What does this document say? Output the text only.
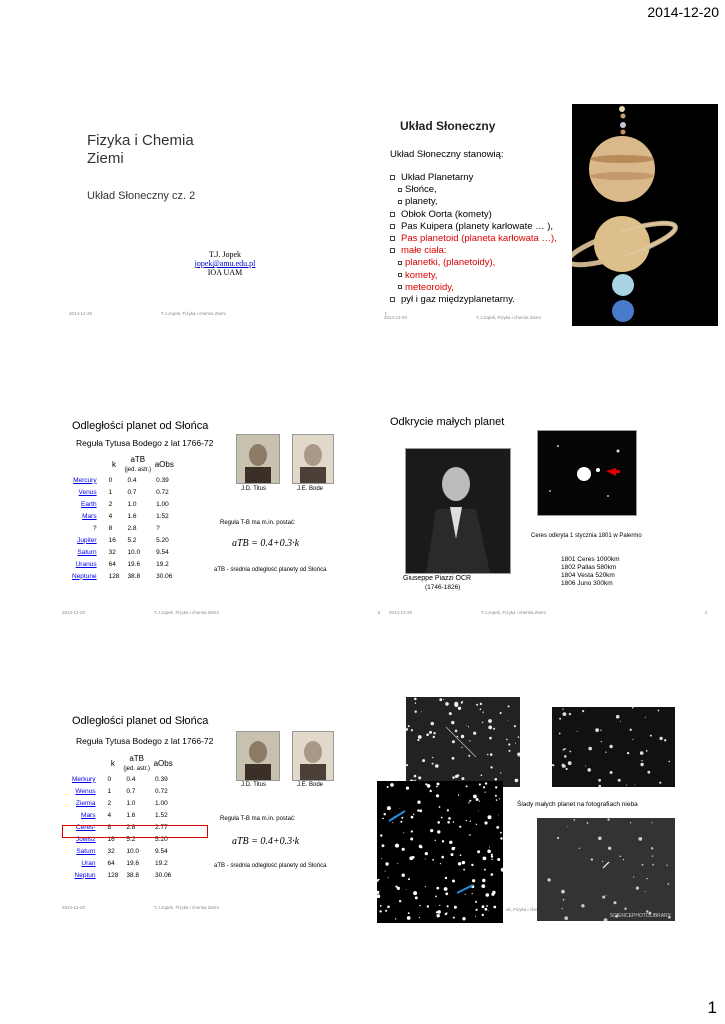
2014-12-20
Fizyka i Chemia
Ziemi
Układ Słoneczny cz. 2
T.J. Jopek
jopek@amu.edu.pl
IOA UAM
2014-12-20	T.J.Jopek, Fizyka i chemia Ziemi	1
Układ Słoneczny
Układ Słoneczny stanowią:
Układ Planetarny
Słońce,
planety,
Obłok Oorta (komety)
Pas Kuipera (planety karłowate … ),
Pas planetoid (planeta karłowata …),
małe ciała:
planetki, (planetoidy),
komety,
meteoroidy,
pył i gaz międzyplanetarny.
2014-12-20	T.J.Jopek, Fizyka i chemia Ziemi
Odległości planet od Słońca
Reguła Tytusa Bodego z lat 1766-72
	k	aTB
(jed. astr.)	aObs
Mercury	0	0.4	0.39
Venus	1	0.7	0.72
Earth	2	1.0	1.00
Mars	4	1.6	1.52
?	8	2.8	?
Jupiter	16	5.2	5.20
Saturn	32	10.0	9.54
Uranus	64	19.6	19.2
Neptune	128	38.8	30.06
J.D. Titus	J.E. Bode
Reguła T-B ma m.in. postać:
aTB = 0.4+0.3·k
aTB - średnia odległość planety od Słońca
2014-12-20	T.J.Jopek, Fizyka i chemia Ziemi	3
Odkrycie małych planet
Giuseppe Piazzi OCR
(1746-1826)
Ceres odkryta 1 stycznia 1801 w Palermo
1801 Ceres 1000km
1802 Pallas 580km
1804 Vesta 520km
1806 Juno 300km
2014-12-20	T.J.Jopek, Fizyka i chemia Ziemi	4
Odległości planet od Słońca
Reguła Tytusa Bodego z lat 1766-72
	k	aTB
(jed. astr.)	aObs
Merkury	0	0.4	0.39
Wenus	1	0.7	0.72
Ziemia	2	1.0	1.00
Mars	4	1.6	1.52
Ceres¹	8	2.8	2.77
Jowisz	16	5.2	5.20
Saturn	32	10.0	9.54
Uran	64	19.6	19.2
Neptun	128	38.8	30.06
J.D. Titus	J.E. Bode
Reguła T-B ma m.in. postać:
aTB = 0.4+0.3·k
aTB - średnia odległość planety od Słońca
2014-12-20	T.J.Jopek, Fizyka i chemia Ziemi
Ślady małych planet na fotografiach nieba
SCIENCEPHOTOLIBRARY
ek, Fizyka i che
1
